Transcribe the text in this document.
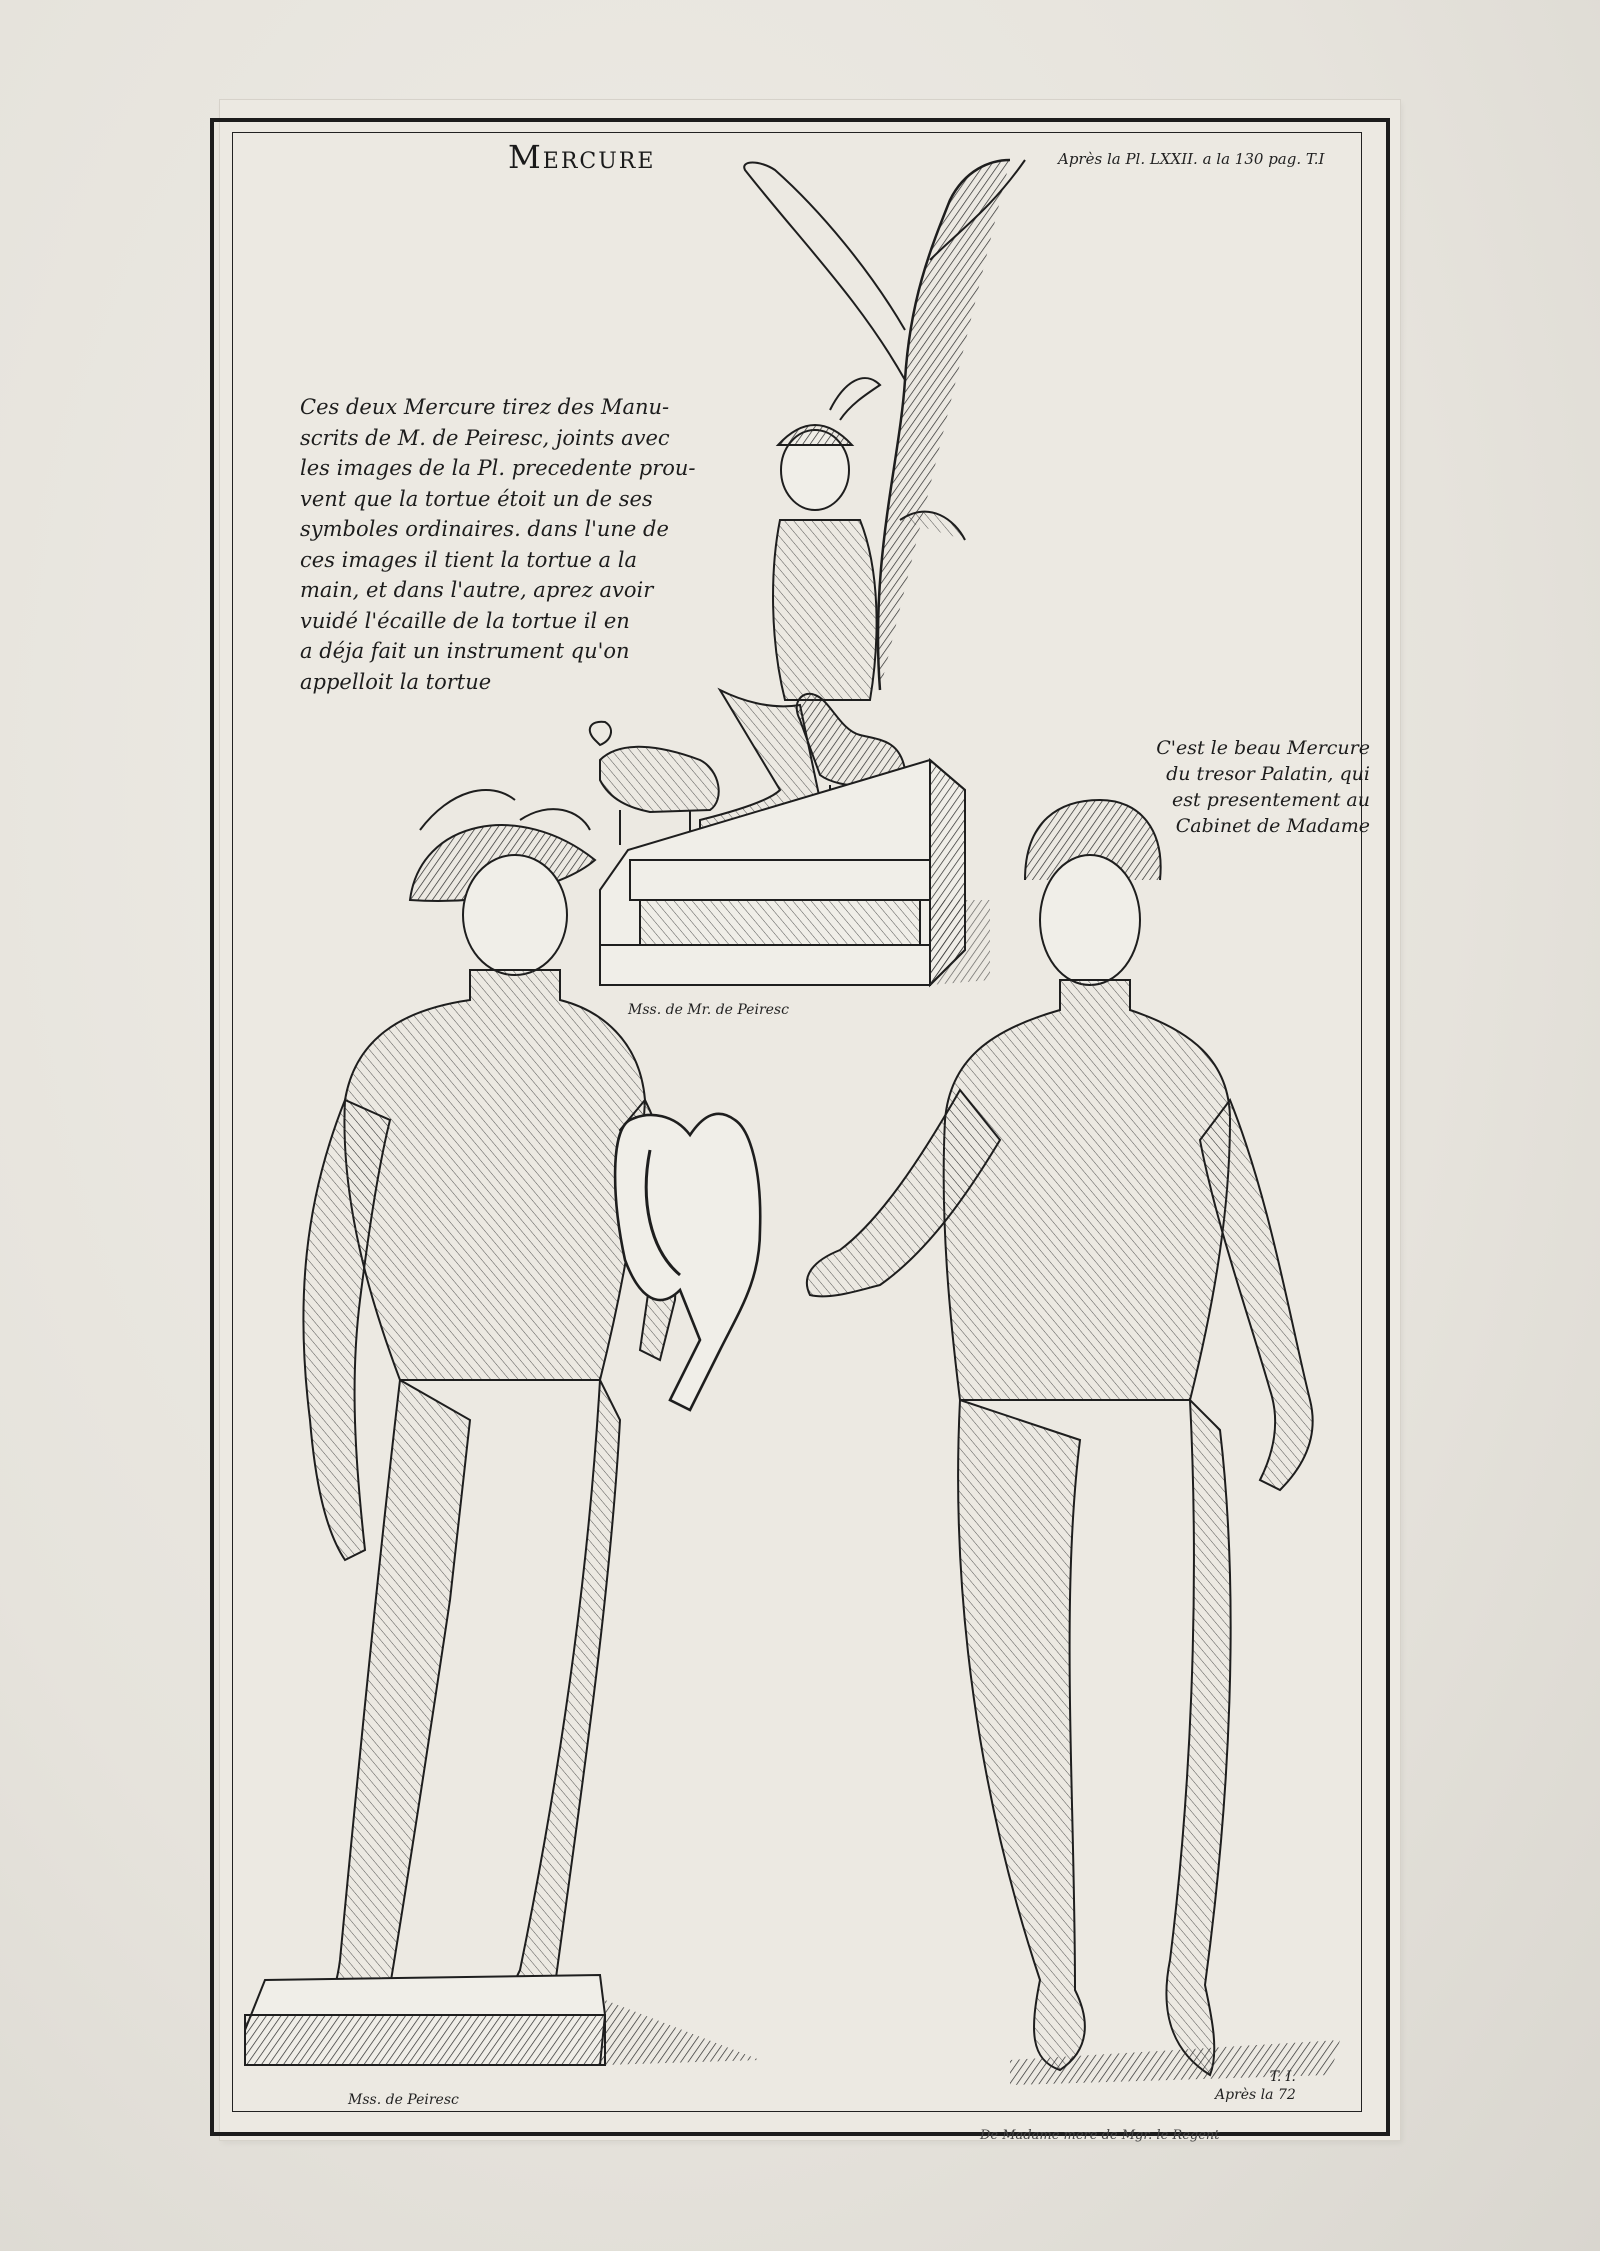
Mercure	Après la Pl. LXXII. a la 130 pag. T.I
Ces deux Mercure tirez des Manu-
scrits de M. de Peiresc, joints avec
les images de la Pl. precedente prou-
vent que la tortue étoit un de ses
symboles ordinaires. dans l'une de
ces images il tient la tortue a la
main, et dans l'autre, aprez avoir
vuidé l'écaille de la tortue il en
a déja fait un instrument qu'on
appelloit la tortue
C'est le beau Mercure
du tresor Palatin, qui
est presentement au
Cabinet de Madame
Mss. de Mr. de Peiresc
Mss. de Peiresc
T. I.
Après la 72
De Madame mere de Mgr. le Regent
